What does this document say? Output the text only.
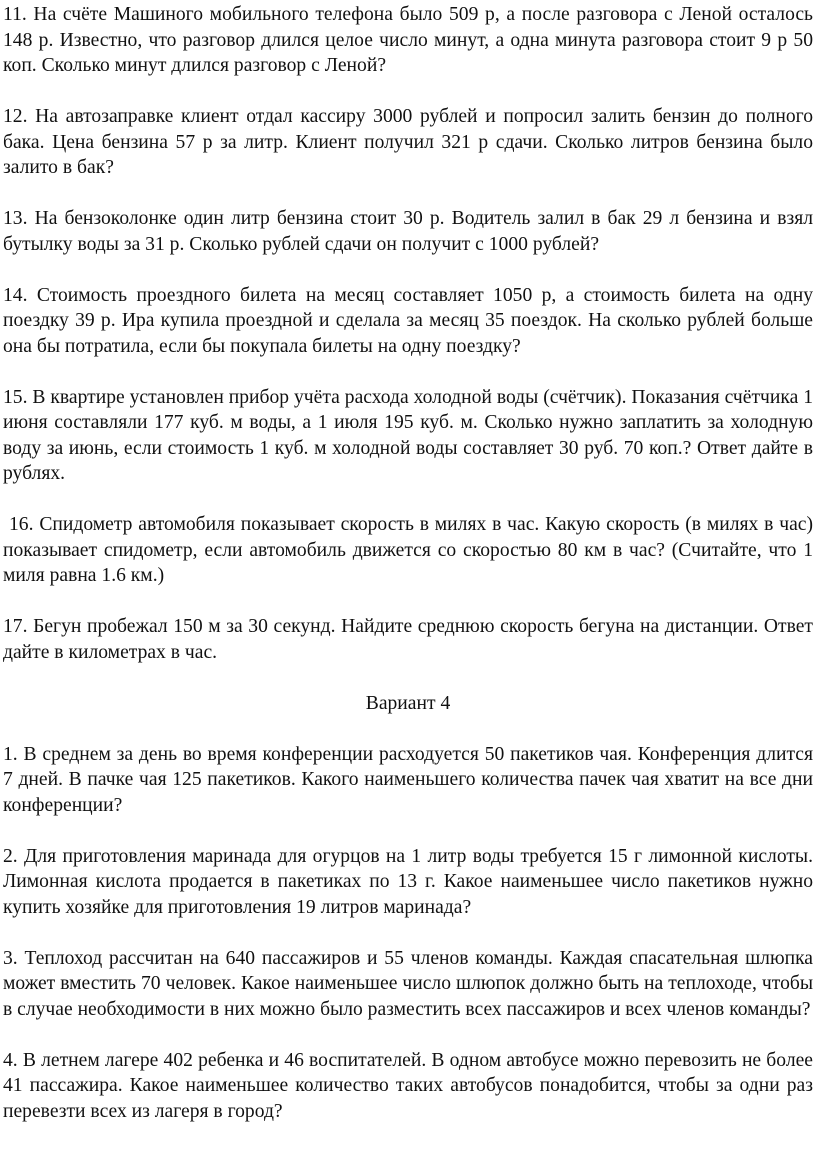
11. На счёте Машиного мобильного телефона было 509 р, а после разговора с Леной осталось 148 р. Известно, что разговор длился целое число минут, а одна минута разговора стоит 9 р 50 коп. Сколько минут длился разговор с Леной?

12. На автозаправке клиент отдал кассиру 3000 рублей и попросил залить бензин до полного бака. Цена бензина 57 р за литр. Клиент получил 321 р сдачи. Сколько литров бензина было залито в бак?

13. На бензоколонке один литр бензина стоит 30 р. Водитель залил в бак 29 л бензина и взял бутылку воды за 31 р. Сколько рублей сдачи он получит с 1000 рублей?

14. Стоимость проездного билета на месяц составляет 1050 р, а стоимость билета на одну поездку 39 р. Ира купила проездной и сделала за месяц 35 поездок. На сколько рублей больше она бы потратила, если бы покупала билеты на одну поездку?

15. В квартире установлен прибор учёта расхода холодной воды (счётчик). Показания счётчика 1 июня составляли 177 куб. м воды, а 1 июля 195 куб. м. Сколько нужно заплатить за холодную воду за июнь, если стоимость 1 куб. м холодной воды составляет 30 руб. 70 коп.? Ответ дайте в рублях.

16. Спидометр автомобиля показывает скорость в милях в час. Какую скорость (в милях в час) показывает спидометр, если автомобиль движется со скоростью 80 км в час? (Считайте, что 1 миля равна 1.6 км.)

17. Бегун пробежал 150 м за 30 секунд. Найдите среднюю скорость бегуна на дистанции. Ответ дайте в километрах в час.

Вариант 4

1. В среднем за день во время конференции расходуется 50 пакетиков чая. Конференция длится 7 дней. В пачке чая 125 пакетиков. Какого наименьшего количества пачек чая хватит на все дни конференции?

2. Для приготовления маринада для огурцов на 1 литр воды требуется 15 г лимонной кислоты. Лимонная кислота продается в пакетиках по 13 г. Какое наименьшее число пакетиков нужно купить хозяйке для приготовления 19 литров маринада?

3. Теплоход рассчитан на 640 пассажиров и 55 членов команды. Каждая спасательная шлюпка может вместить 70 человек. Какое наименьшее число шлюпок должно быть на теплоходе, чтобы в случае необходимости в них можно было разместить всех пассажиров и всех членов команды?

4. В летнем лагере 402 ребенка и 46 воспитателей. В одном автобусе можно перевозить не более 41 пассажира. Какое наименьшее количество таких автобусов понадобится, чтобы за одни раз перевезти всех из лагеря в город?
